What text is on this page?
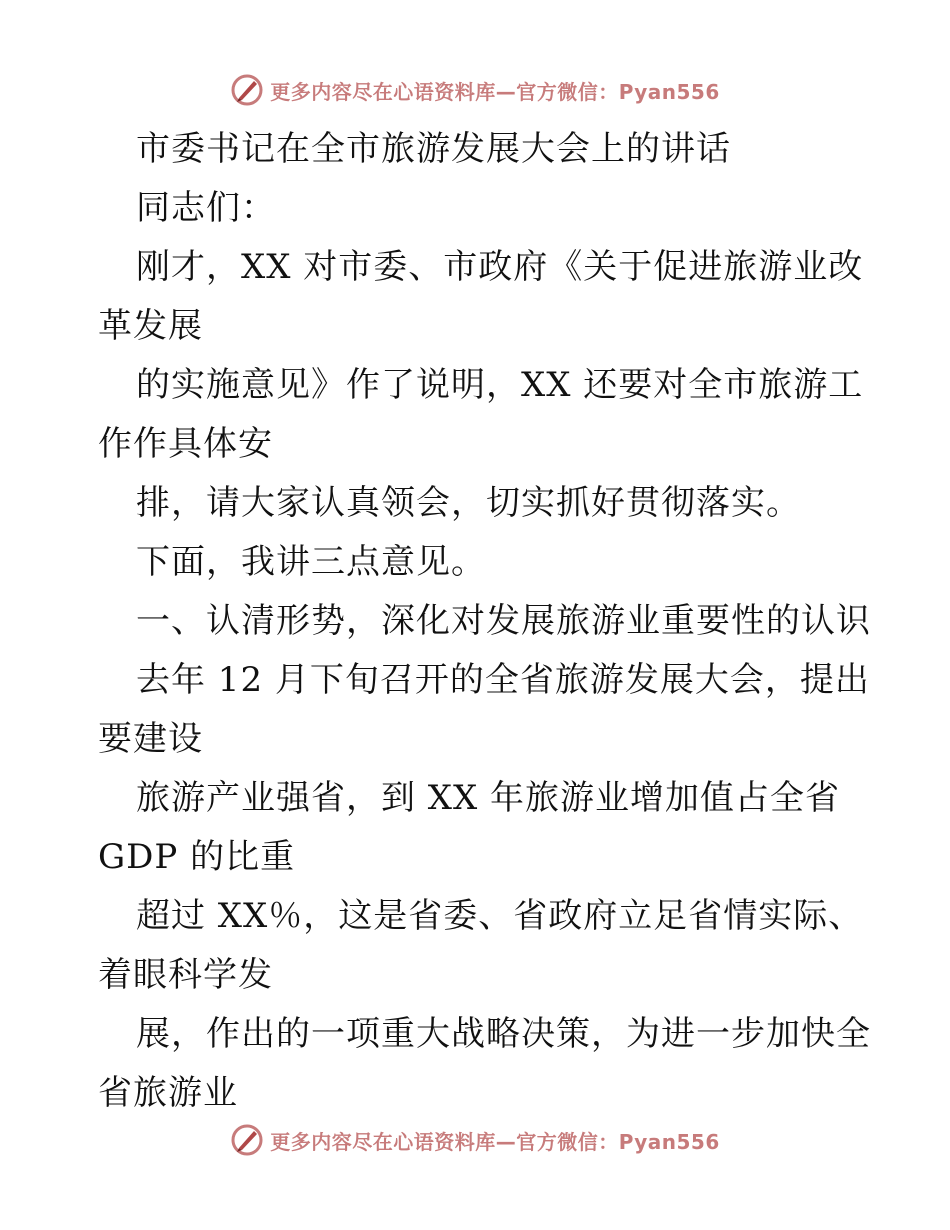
更多内容尽在心语资料库—官方微信：Pyan556
市委书记在全市旅游发展大会上的讲话
同志们：
刚才，XX 对市委、市政府《关于促进旅游业改
革发展
的实施意见》作了说明，XX 还要对全市旅游工
作作具体安
排，请大家认真领会，切实抓好贯彻落实。
下面，我讲三点意见。
一、认清形势，深化对发展旅游业重要性的认识
去年 12 月下旬召开的全省旅游发展大会，提出
要建设
旅游产业强省，到 XX 年旅游业增加值占全省
GDP 的比重
超过 XX％，这是省委、省政府立足省情实际、
着眼科学发
展，作出的一项重大战略决策，为进一步加快全
省旅游业
更多内容尽在心语资料库—官方微信：Pyan556
